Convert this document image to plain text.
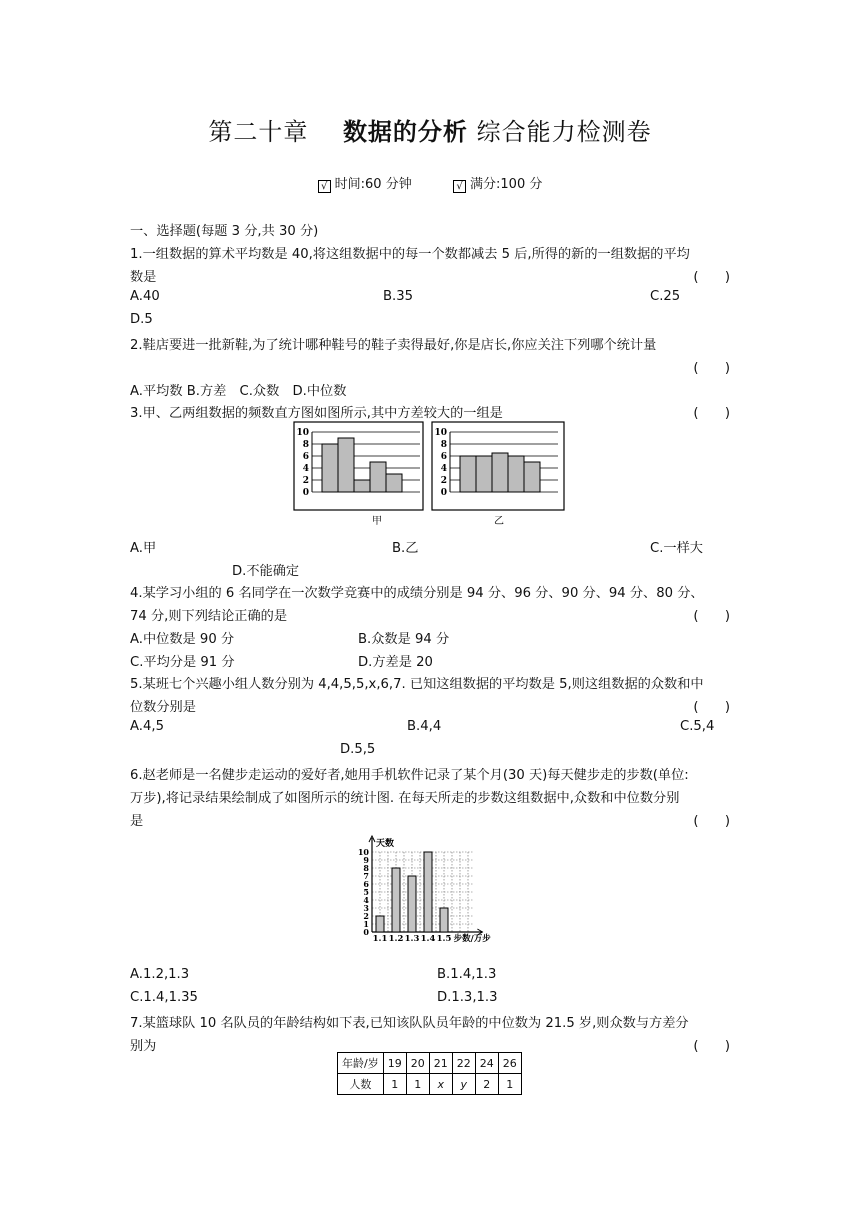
第二十章 数据的分析 综合能力检测卷
√ 时间:60 分钟	√ 满分:100 分
一、选择题(每题 3 分,共 30 分)
1.一组数据的算术平均数是 40,将这组数据中的每一个数都减去 5 后,所得的新的一组数据的平均
数是	(　　)
A.40	B.35	C.25
D.5
2.鞋店要进一批新鞋,为了统计哪种鞋号的鞋子卖得最好,你是店长,你应关注下列哪个统计量
(　　)
A.平均数 B.方差　C.众数　D.中位数
3.甲、乙两组数据的频数直方图如图所示,其中方差较大的一组是	(　　)
0
2
4
6
8
10
0
2
4
6
8
10
甲	乙
A.甲	B.乙	C.一样大
D.不能确定
4.某学习小组的 6 名同学在一次数学竞赛中的成绩分别是 94 分、96 分、90 分、94 分、80 分、
74 分,则下列结论正确的是	(　　)
A.中位数是 90 分	B.众数是 94 分
C.平均分是 91 分	D.方差是 20
5.某班七个兴趣小组人数分别为 4,4,5,5,x,6,7. 已知这组数据的平均数是 5,则这组数据的众数和中
位数分别是	(　　)
A.4,5	B.4,4	C.5,4
D.5,5
6.赵老师是一名健步走运动的爱好者,她用手机软件记录了某个月(30 天)每天健步走的步数(单位:
万步),将记录结果绘制成了如图所示的统计图. 在每天所走的步数这组数据中,众数和中位数分别
是	(　　)
0
1
2
3
4
5
6
7
8
9
10
天数
1.1 1.2 1.3 1.4 1.5 步数/万步
A.1.2,1.3	B.1.4,1.3
C.1.4,1.35	D.1.3,1.3
7.某篮球队 10 名队员的年龄结构如下表,已知该队队员年龄的中位数为 21.5 岁,则众数与方差分
别为	(　　)
年龄/岁	19	20	21	22	24	26
人数	1	1	x	y	2	1
